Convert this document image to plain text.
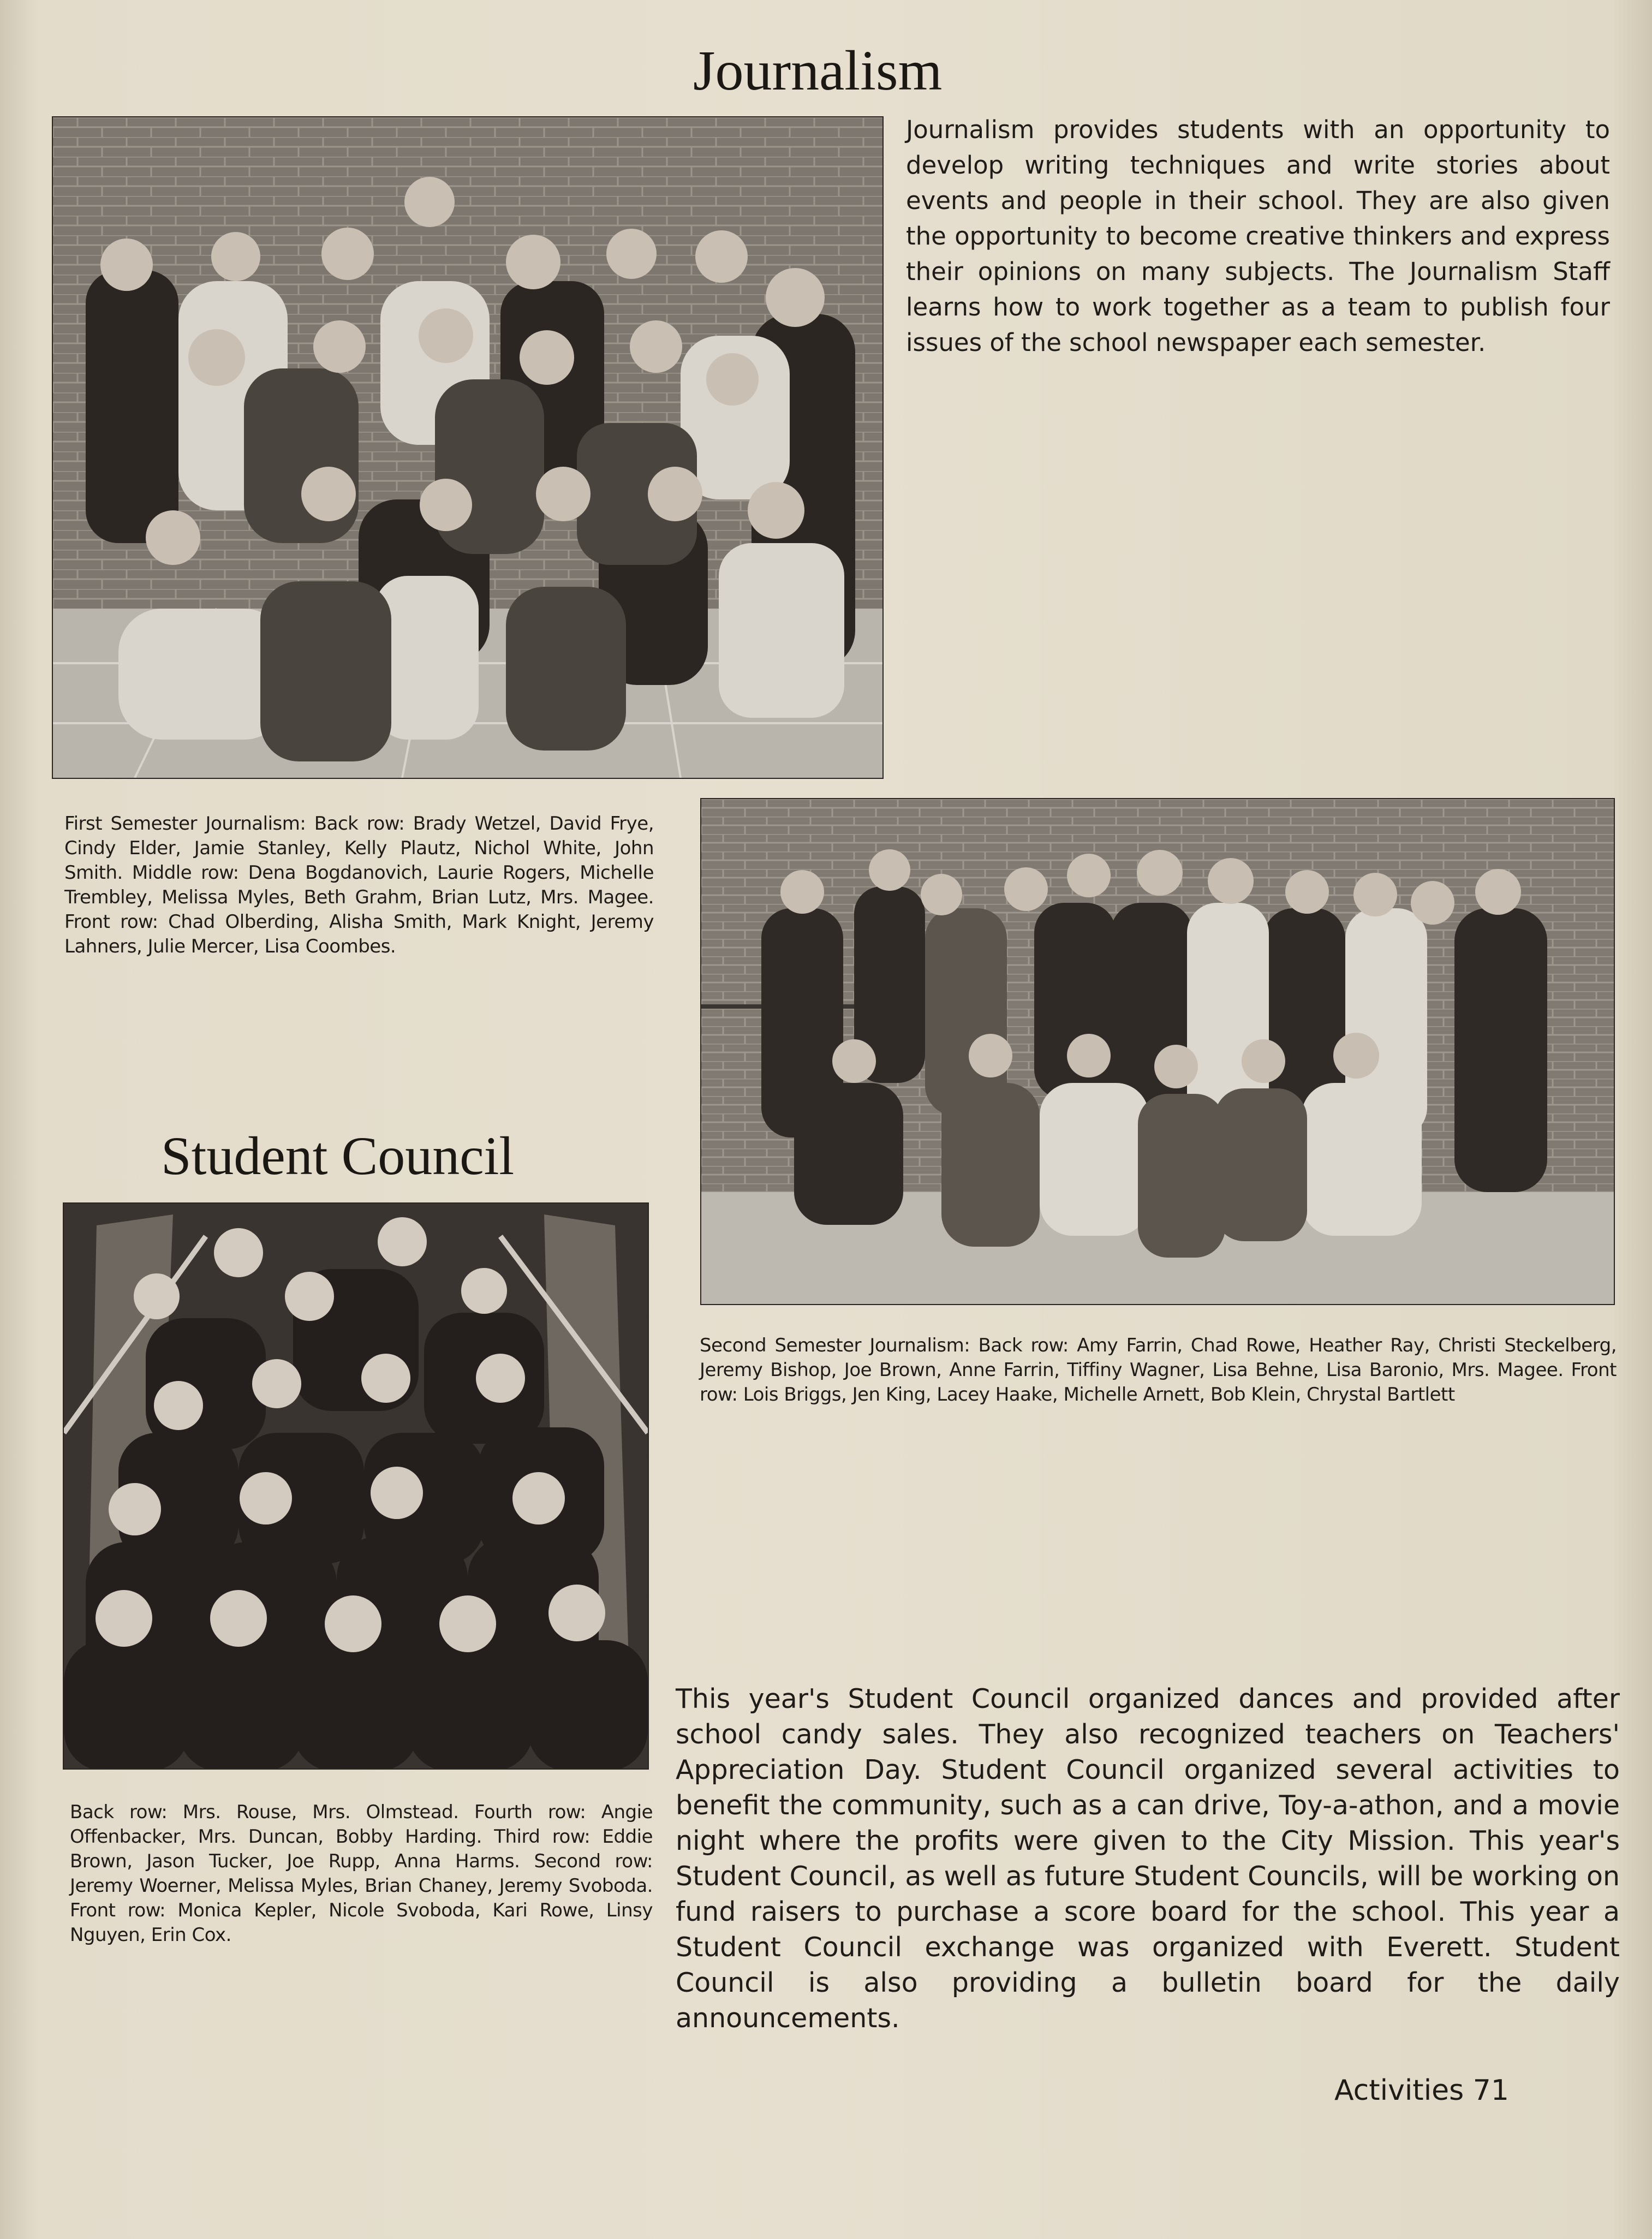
Journalism

Journalism provides students with an opportunity to develop writing techniques and write stories about events and people in their school. They are also given the opportunity to become creative thinkers and express their opinions on many subjects. The Journalism Staff learns how to work together as a team to publish four issues of the school newspaper each semester.

First Semester Journalism: Back row: Brady Wetzel, David Frye, Cindy Elder, Jamie Stanley, Kelly Plautz, Nichol White, John Smith. Middle row: Dena Bogdanovich, Laurie Rogers, Michelle Trembley, Melissa Myles, Beth Grahm, Brian Lutz, Mrs. Magee. Front row: Chad Olberding, Alisha Smith, Mark Knight, Jeremy Lahners, Julie Mercer, Lisa Coombes.

Second Semester Journalism: Back row: Amy Farrin, Chad Rowe, Heather Ray, Christi Steckelberg, Jeremy Bishop, Joe Brown, Anne Farrin, Tiffiny Wagner, Lisa Behne, Lisa Baronio, Mrs. Magee. Front row: Lois Briggs, Jen King, Lacey Haake, Michelle Arnett, Bob Klein, Chrystal Bartlett

Student Council

Back row: Mrs. Rouse, Mrs. Olmstead. Fourth row: Angie Offenbacker, Mrs. Duncan, Bobby Harding. Third row: Eddie Brown, Jason Tucker, Joe Rupp, Anna Harms. Second row: Jeremy Woerner, Melissa Myles, Brian Chaney, Jeremy Svoboda. Front row: Monica Kepler, Nicole Svoboda, Kari Rowe, Linsy Nguyen, Erin Cox.

This year's Student Council organized dances and provided after school candy sales. They also recognized teachers on Teachers' Appreciation Day. Student Council organized several activities to benefit the community, such as a can drive, Toy-a-athon, and a movie night where the profits were given to the City Mission. This year's Student Council, as well as future Student Councils, will be working on fund raisers to purchase a score board for the school. This year a Student Council exchange was organized with Everett. Student Council is also providing a bulletin board for the daily announcements.

Activities 71
